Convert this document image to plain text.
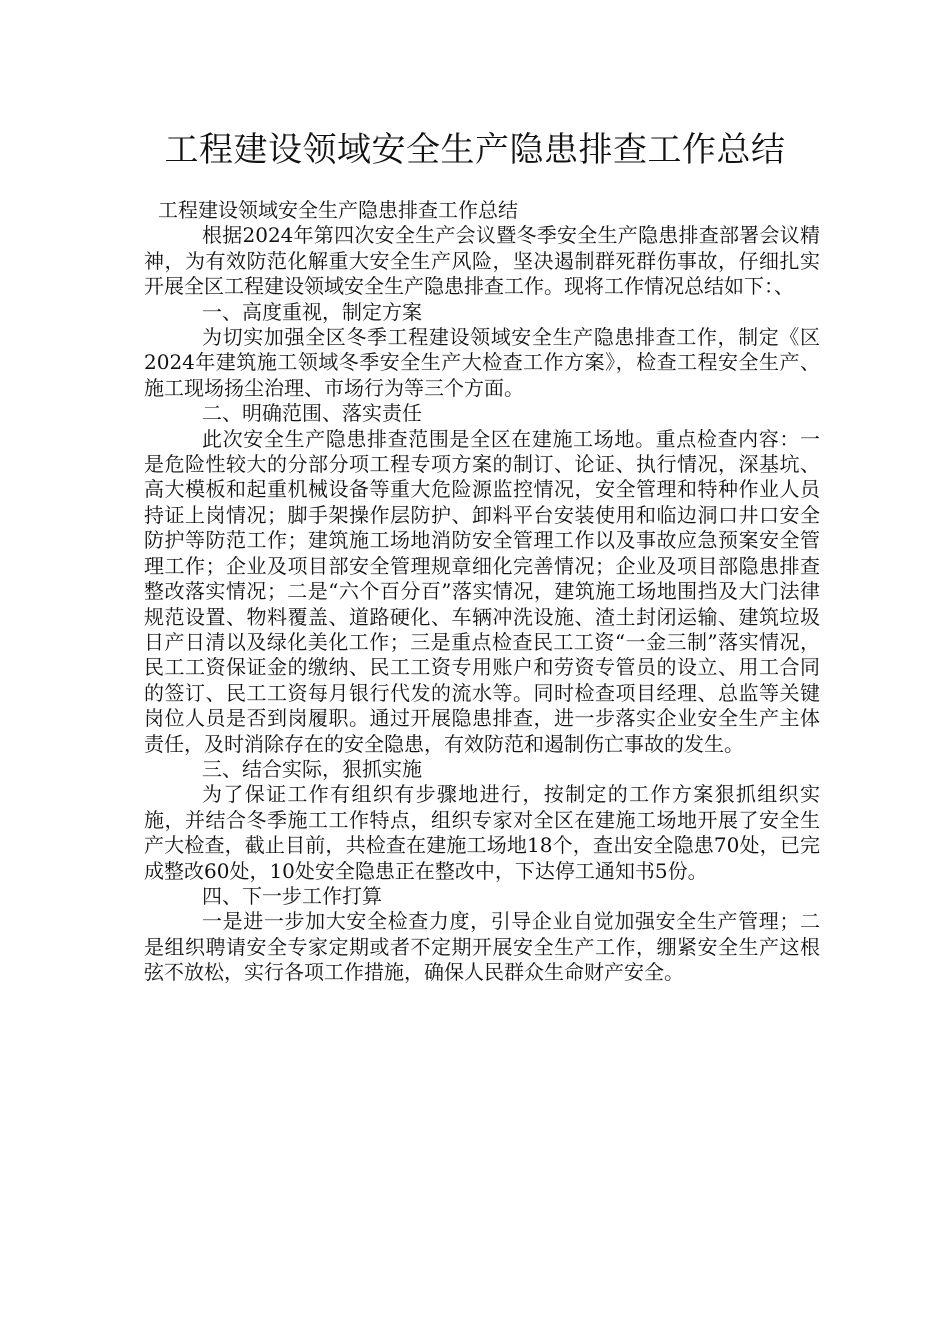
工程建设领域安全生产隐患排查工作总结

工程建设领域安全生产隐患排查工作总结

根据2024年第四次安全生产会议暨冬季安全生产隐患排查部署会议精神，为有效防范化解重大安全生产风险，坚决遏制群死群伤事故，仔细扎实开展全区工程建设领域安全生产隐患排查工作。现将工作情况总结如下：、

一、高度重视，制定方案

为切实加强全区冬季工程建设领域安全生产隐患排查工作，制定《区2024年建筑施工领域冬季安全生产大检查工作方案》，检查工程安全生产、施工现场扬尘治理、市场行为等三个方面。

二、明确范围、落实责任

此次安全生产隐患排查范围是全区在建施工场地。重点检查内容：一是危险性较大的分部分项工程专项方案的制订、论证、执行情况，深基坑、高大模板和起重机械设备等重大危险源监控情况，安全管理和特种作业人员持证上岗情况；脚手架操作层防护、卸料平台安装使用和临边洞口井口安全防护等防范工作；建筑施工场地消防安全管理工作以及事故应急预案安全管理工作；企业及项目部安全管理规章细化完善情况；企业及项目部隐患排查整改落实情况；二是“六个百分百”落实情况，建筑施工场地围挡及大门法律规范设置、物料覆盖、道路硬化、车辆冲洗设施、渣土封闭运输、建筑垃圾日产日清以及绿化美化工作；三是重点检查民工工资“一金三制”落实情况，民工工资保证金的缴纳、民工工资专用账户和劳资专管员的设立、用工合同的签订、民工工资每月银行代发的流水等。同时检查项目经理、总监等关键岗位人员是否到岗履职。通过开展隐患排查，进一步落实企业安全生产主体责任，及时消除存在的安全隐患，有效防范和遏制伤亡事故的发生。

三、结合实际，狠抓实施

为了保证工作有组织有步骤地进行，按制定的工作方案狠抓组织实施，并结合冬季施工工作特点，组织专家对全区在建施工场地开展了安全生产大检查，截止目前，共检查在建施工场地18个，查出安全隐患70处，已完成整改60处，10处安全隐患正在整改中，下达停工通知书5份。

四、下一步工作打算

一是进一步加大安全检查力度，引导企业自觉加强安全生产管理；二是组织聘请安全专家定期或者不定期开展安全生产工作，绷紧安全生产这根弦不放松，实行各项工作措施，确保人民群众生命财产安全。
